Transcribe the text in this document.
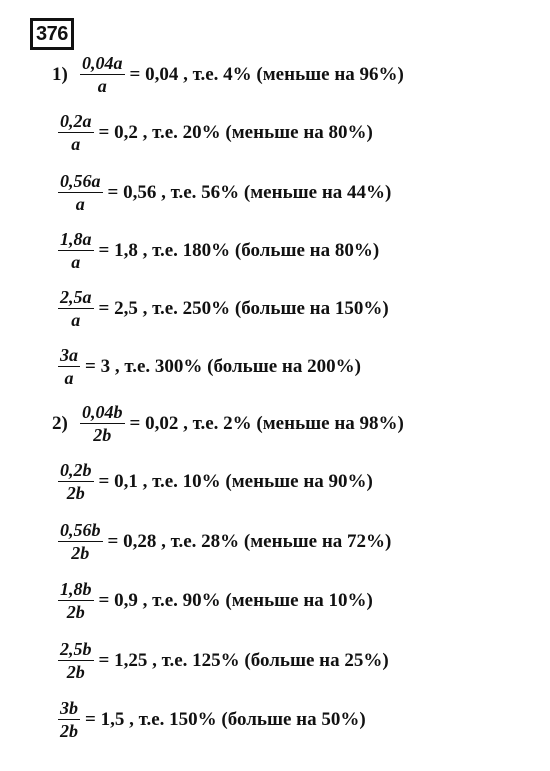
376
$1) \frac{0,04a}{a} = 0,04$ , т.е. 4% (меньше на 96%)
$\frac{0,2a}{a} = 0,2$ , т.е. 20% (меньше на 80%)
$\frac{0,56a}{a} = 0,56$ , т.е. 56% (меньше на 44%)
$\frac{1,8a}{a} = 1,8$ , т.е. 180% (больше на 80%)
$\frac{2,5a}{a} = 2,5$ , т.е. 250% (больше на 150%)
$\frac{3a}{a} = 3$ , т.е. 300% (больше на 200%)
$2) \frac{0,04b}{2b} = 0,02$ , т.е. 2% (меньше на 98%)
$\frac{0,2b}{2b} = 0,1$ , т.е. 10% (меньше на 90%)
$\frac{0,56b}{2b} = 0,28$ , т.е. 28% (меньше на 72%)
$\frac{1,8b}{2b} = 0,9$ , т.е. 90% (меньше на 10%)
$\frac{2,5b}{2b} = 1,25$ , т.е. 125% (больше на 25%)
$\frac{3b}{2b} = 1,5$ , т.е. 150% (больше на 50%)
